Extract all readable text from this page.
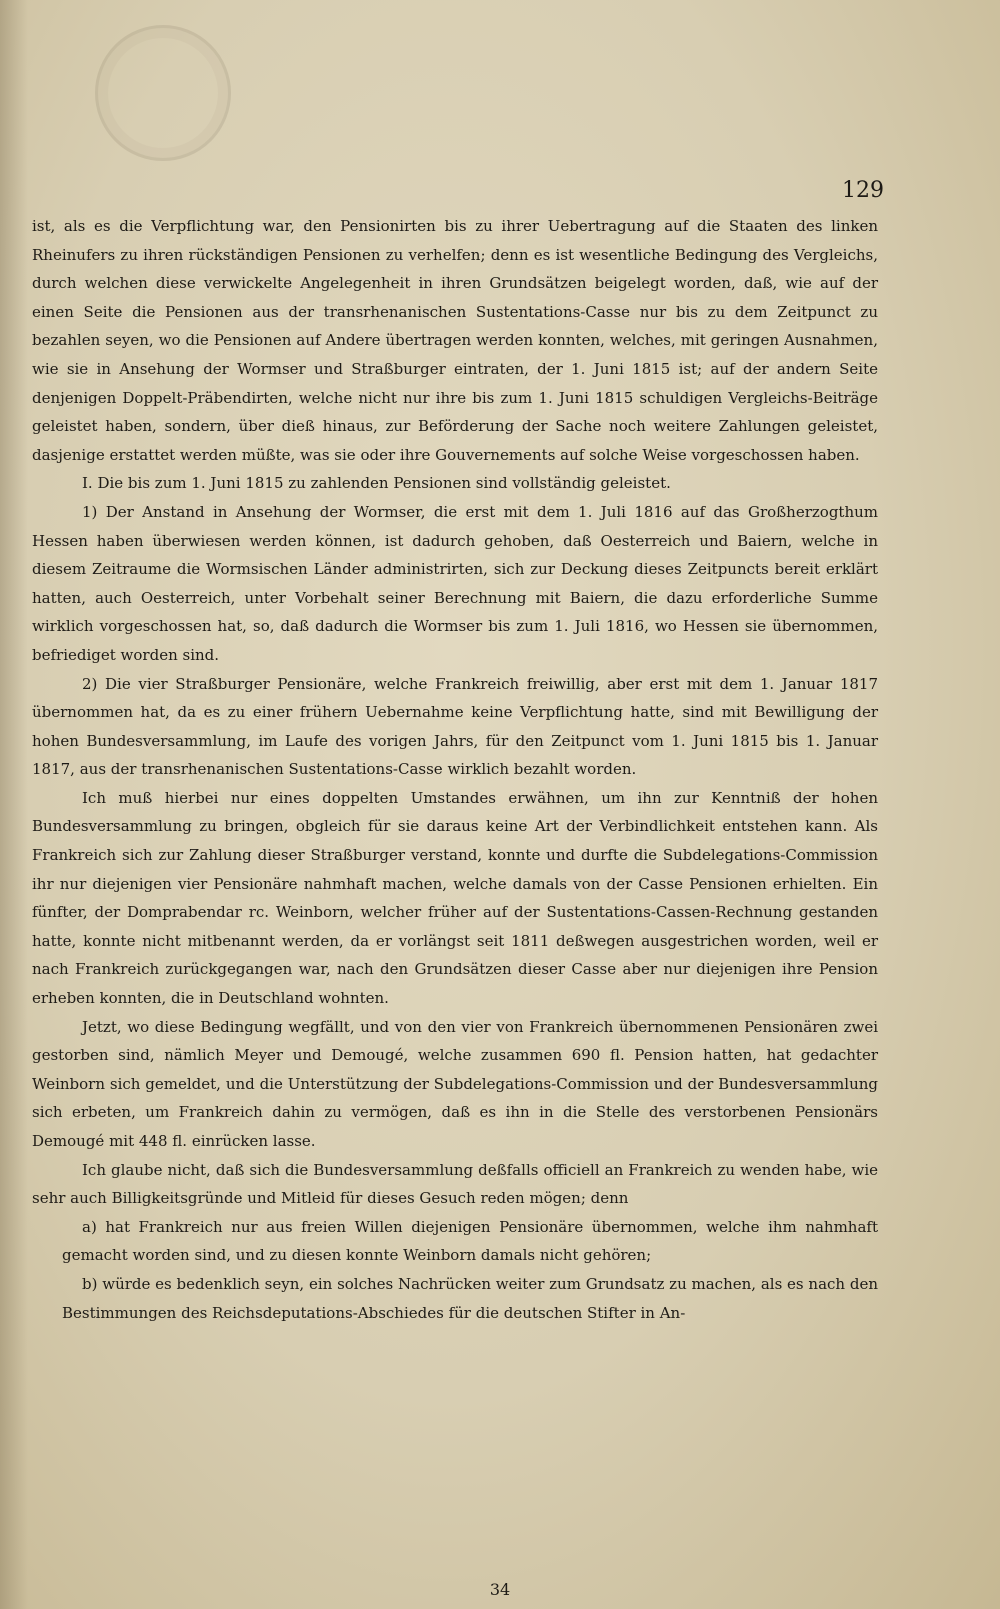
129

ist, als es die Verpflichtung war, den Pensionirten bis zu ihrer Uebertragung auf die Staaten des linken Rheinufers zu ihren rückständigen Pensionen zu verhelfen; denn es ist wesentliche Bedingung des Vergleichs, durch welchen diese verwickelte Angelegenheit in ihren Grundsätzen beigelegt worden, daß, wie auf der einen Seite die Pensionen aus der transrhenanischen Sustentations-Casse nur bis zu dem Zeitpunct zu bezahlen seyen, wo die Pensionen auf Andere übertragen werden konnten, welches, mit geringen Ausnahmen, wie sie in Ansehung der Wormser und Straßburger eintraten, der 1. Juni 1815 ist; auf der andern Seite denjenigen Doppelt-Präbendirten, welche nicht nur ihre bis zum 1. Juni 1815 schuldigen Vergleichs-Beiträge geleistet haben, sondern, über dieß hinaus, zur Beförderung der Sache noch weitere Zahlungen geleistet, dasjenige erstattet werden müßte, was sie oder ihre Gouvernements auf solche Weise vorgeschossen haben.

I. Die bis zum 1. Juni 1815 zu zahlenden Pensionen sind vollständig geleistet.

1) Der Anstand in Ansehung der Wormser, die erst mit dem 1. Juli 1816 auf das Großherzogthum Hessen haben überwiesen werden können, ist dadurch gehoben, daß Oesterreich und Baiern, welche in diesem Zeitraume die Wormsischen Länder administrirten, sich zur Deckung dieses Zeitpuncts bereit erklärt hatten, auch Oesterreich, unter Vorbehalt seiner Berechnung mit Baiern, die dazu erforderliche Summe wirklich vorgeschossen hat, so, daß dadurch die Wormser bis zum 1. Juli 1816, wo Hessen sie übernommen, befriediget worden sind.

2) Die vier Straßburger Pensionäre, welche Frankreich freiwillig, aber erst mit dem 1. Januar 1817 übernommen hat, da es zu einer frühern Uebernahme keine Verpflichtung hatte, sind mit Bewilligung der hohen Bundesversammlung, im Laufe des vorigen Jahrs, für den Zeitpunct vom 1. Juni 1815 bis 1. Januar 1817, aus der transrhenanischen Sustentations-Casse wirklich bezahlt worden.

Ich muß hierbei nur eines doppelten Umstandes erwähnen, um ihn zur Kenntniß der hohen Bundesversammlung zu bringen, obgleich für sie daraus keine Art der Verbindlichkeit entstehen kann. Als Frankreich sich zur Zahlung dieser Straßburger verstand, konnte und durfte die Subdelegations-Commission ihr nur diejenigen vier Pensionäre nahmhaft machen, welche damals von der Casse Pensionen erhielten. Ein fünfter, der Domprabendar rc. Weinborn, welcher früher auf der Sustentations-Cassen-Rechnung gestanden hatte, konnte nicht mitbenannt werden, da er vorlängst seit 1811 deßwegen ausgestrichen worden, weil er nach Frankreich zurückgegangen war, nach den Grundsätzen dieser Casse aber nur diejenigen ihre Pension erheben konnten, die in Deutschland wohnten.

Jetzt, wo diese Bedingung wegfällt, und von den vier von Frankreich übernommenen Pensionären zwei gestorben sind, nämlich Meyer und Demougé, welche zusammen 690 fl. Pension hatten, hat gedachter Weinborn sich gemeldet, und die Unterstützung der Subdelegations-Commission und der Bundesversammlung sich erbeten, um Frankreich dahin zu vermögen, daß es ihn in die Stelle des verstorbenen Pensionärs Demougé mit 448 fl. einrücken lasse.

Ich glaube nicht, daß sich die Bundesversammlung deßfalls officiell an Frankreich zu wenden habe, wie sehr auch Billigkeitsgründe und Mitleid für dieses Gesuch reden mögen; denn

a) hat Frankreich nur aus freien Willen diejenigen Pensionäre übernommen, welche ihm nahmhaft gemacht worden sind, und zu diesen konnte Weinborn damals nicht gehören;

b) würde es bedenklich seyn, ein solches Nachrücken weiter zum Grundsatz zu machen, als es nach den Bestimmungen des Reichsdeputations-Abschiedes für die deutschen Stifter in An-

34
